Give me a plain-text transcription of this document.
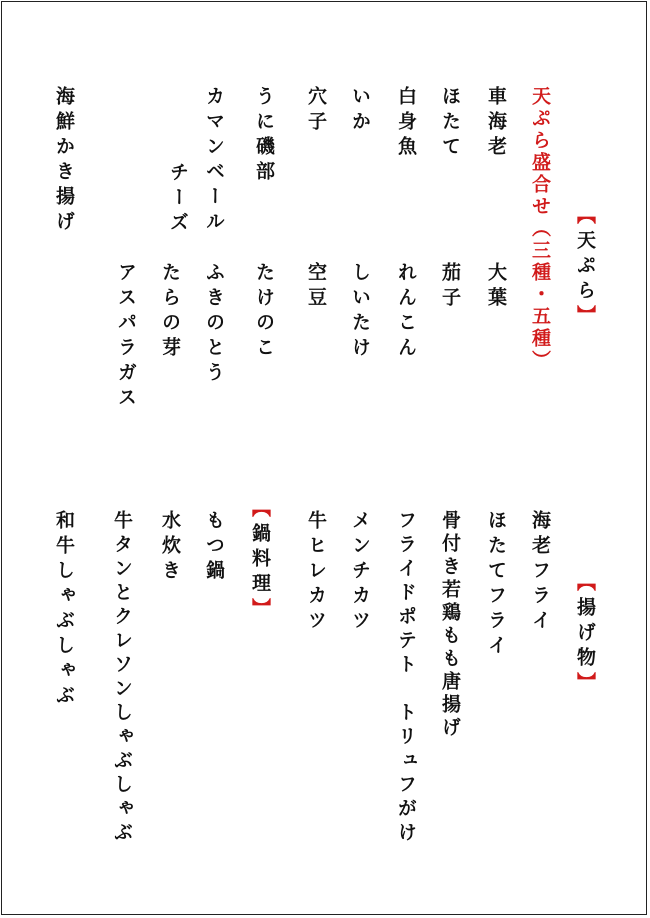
【天ぷら】
天ぷら盛合せ（三種・五種）
車海老
ほたて
白身魚
いか
穴子
うに磯部
カマンベール
チーズ
海鮮かき揚げ
大葉
茄子
れんこん
しいたけ
空豆
たけのこ
ふきのとう
たらの芽
アスパラガス
【揚げ物】
海老フライ
ほたてフライ
骨付き若鶏もも唐揚げ
フライドポテト　トリュフがけ
メンチカツ
牛ヒレカツ
【鍋料理】
もつ鍋
水炊き
牛タンとクレソンしゃぶしゃぶ
和牛しゃぶしゃぶ
